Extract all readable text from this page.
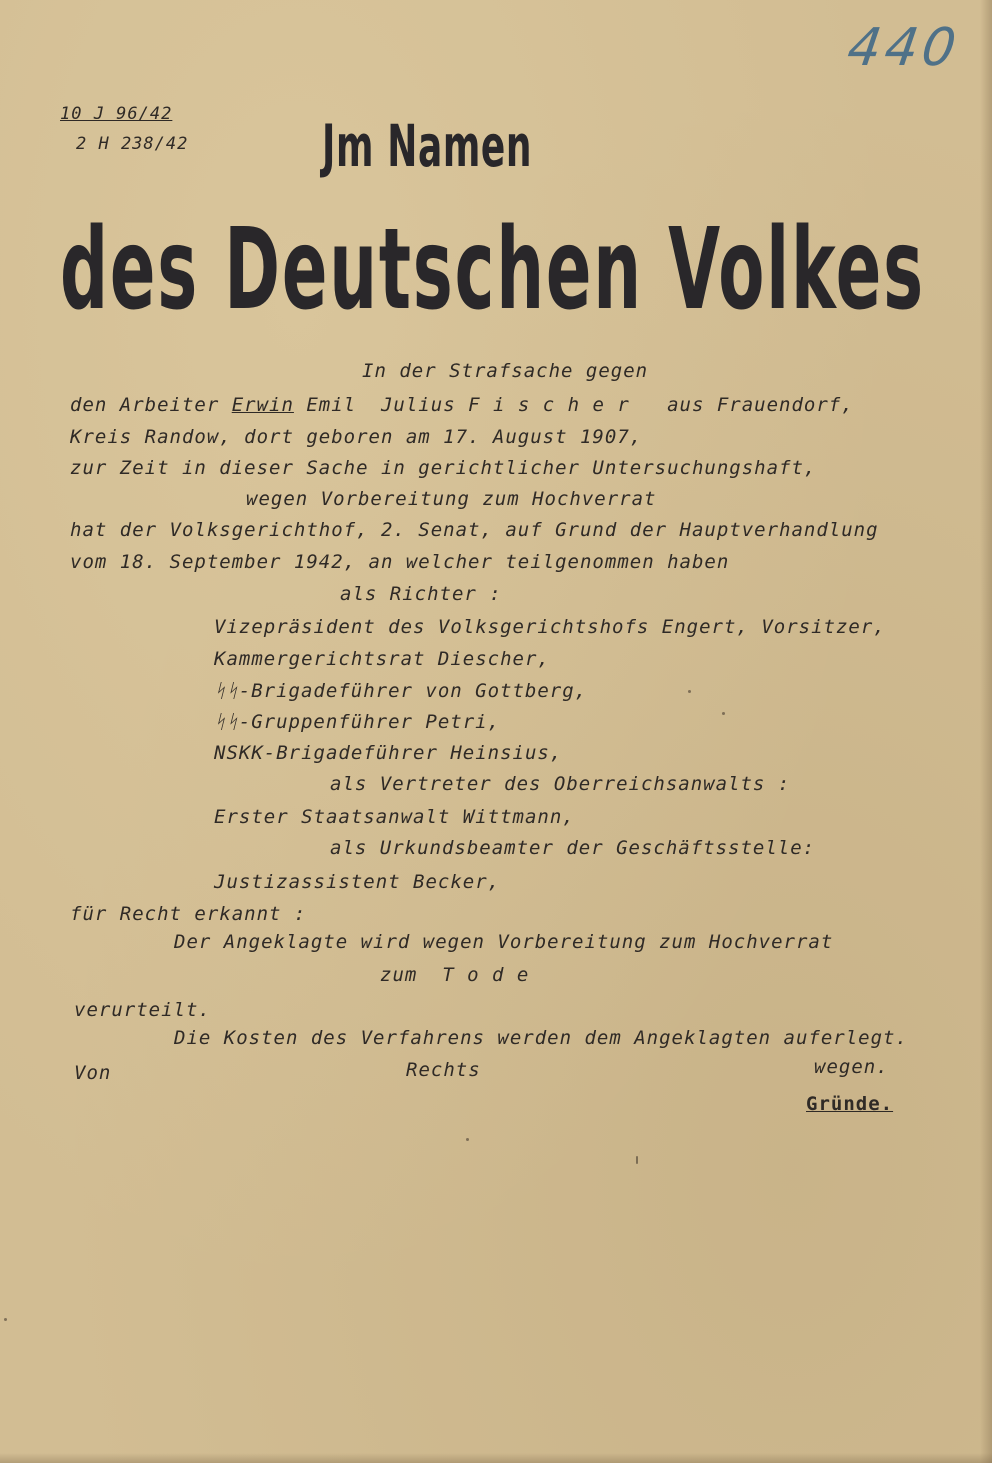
440
10 J 96/42
2 H 238/42 Jm Namen
des Deutschen Volkes
In der Strafsache gegen
den Arbeiter Erwin Emil  Julius F i s c h e r   aus Frauendorf,
Kreis Randow, dort geboren am 17. August 1907,
zur Zeit in dieser Sache in gerichtlicher Untersuchungshaft,
wegen Vorbereitung zum Hochverrat
hat der Volksgerichthof, 2. Senat, auf Grund der Hauptverhandlung
vom 18. September 1942, an welcher teilgenommen haben
als Richter :
Vizepräsident des Volksgerichtshofs Engert, Vorsitzer,
Kammergerichtsrat Diescher,
ᛋᛋ-Brigadeführer von Gottberg,
ᛋᛋ-Gruppenführer Petri,
NSKK-Brigadeführer Heinsius,
als Vertreter des Oberreichsanwalts :
Erster Staatsanwalt Wittmann,
als Urkundsbeamter der Geschäftsstelle:
Justizassistent Becker,
für Recht erkannt :
Der Angeklagte wird wegen Vorbereitung zum Hochverrat
zum  T o d e
verurteilt.
Die Kosten des Verfahrens werden dem Angeklagten auferlegt.
Von	Rechts	wegen.
Gründe.
